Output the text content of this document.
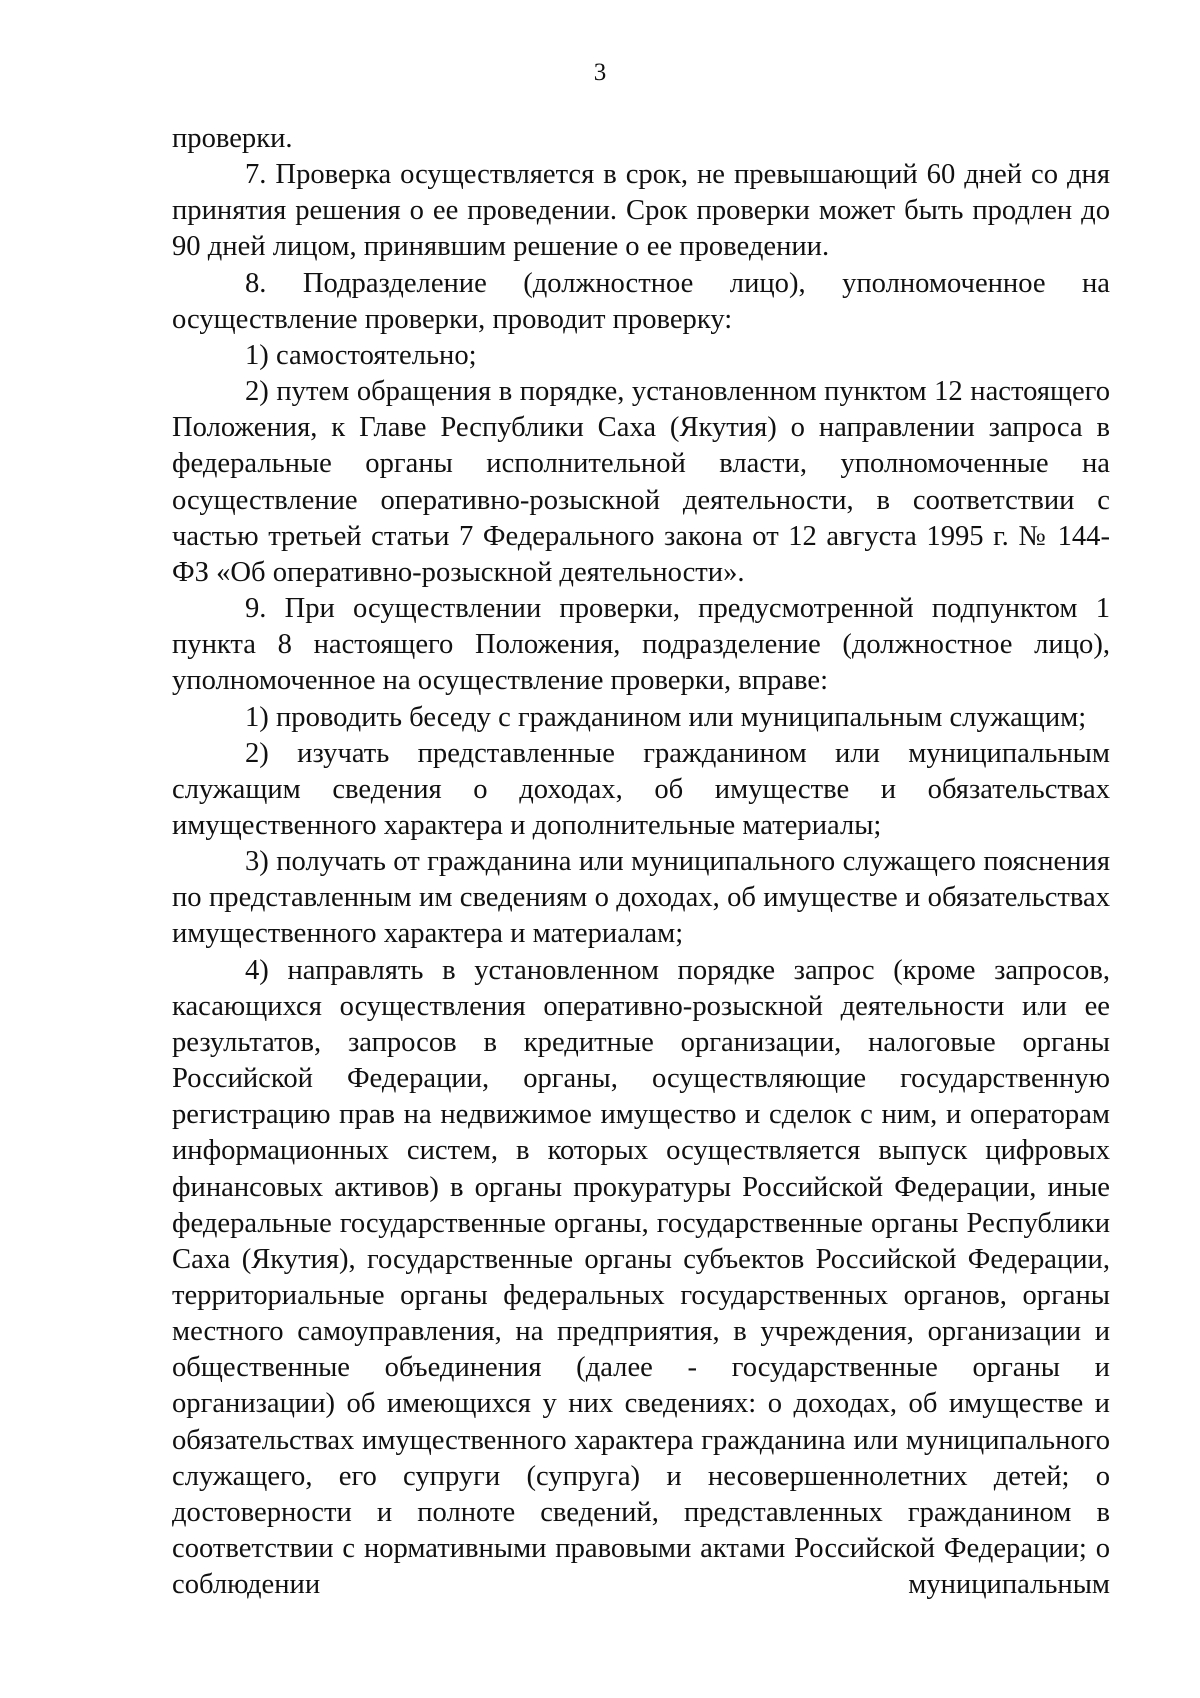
3

проверки.

7. Проверка осуществляется в срок, не превышающий 60 дней со дня принятия решения о ее проведении. Срок проверки может быть продлен до 90 дней лицом, принявшим решение о ее проведении.

8. Подразделение (должностное лицо), уполномоченное на осуществление проверки, проводит проверку:

1) самостоятельно;

2) путем обращения в порядке, установленном пунктом 12 настоящего Положения, к Главе Республики Саха (Якутия) о направлении запроса в федеральные органы исполнительной власти, уполномоченные на осуществление оперативно-розыскной деятельности, в соответствии с частью третьей статьи 7 Федерального закона от 12 августа 1995 г. № 144-ФЗ «Об оперативно-розыскной деятельности».

9. При осуществлении проверки, предусмотренной подпунктом 1 пункта 8 настоящего Положения, подразделение (должностное лицо), уполномоченное на осуществление проверки, вправе:

1) проводить беседу с гражданином или муниципальным служащим;

2) изучать представленные гражданином или муниципальным служащим сведения о доходах, об имуществе и обязательствах имущественного характера и дополнительные материалы;

3) получать от гражданина или муниципального служащего пояснения по представленным им сведениям о доходах, об имуществе и обязательствах имущественного характера и материалам;

4) направлять в установленном порядке запрос (кроме запросов, касающихся осуществления оперативно-розыскной деятельности или ее результатов, запросов в кредитные организации, налоговые органы Российской Федерации, органы, осуществляющие государственную регистрацию прав на недвижимое имущество и сделок с ним, и операторам информационных систем, в которых осуществляется выпуск цифровых финансовых активов) в органы прокуратуры Российской Федерации, иные федеральные государственные органы, государственные органы Республики Саха (Якутия), государственные органы субъектов Российской Федерации, территориальные органы федеральных государственных органов, органы местного самоуправления, на предприятия, в учреждения, организации и общественные объединения (далее - государственные органы и организации) об имеющихся у них сведениях: о доходах, об имуществе и обязательствах имущественного характера гражданина или муниципального служащего, его супруги (супруга) и несовершеннолетних детей; о достоверности и полноте сведений, представленных гражданином в соответствии с нормативными правовыми актами Российской Федерации; о соблюдении муниципальным
